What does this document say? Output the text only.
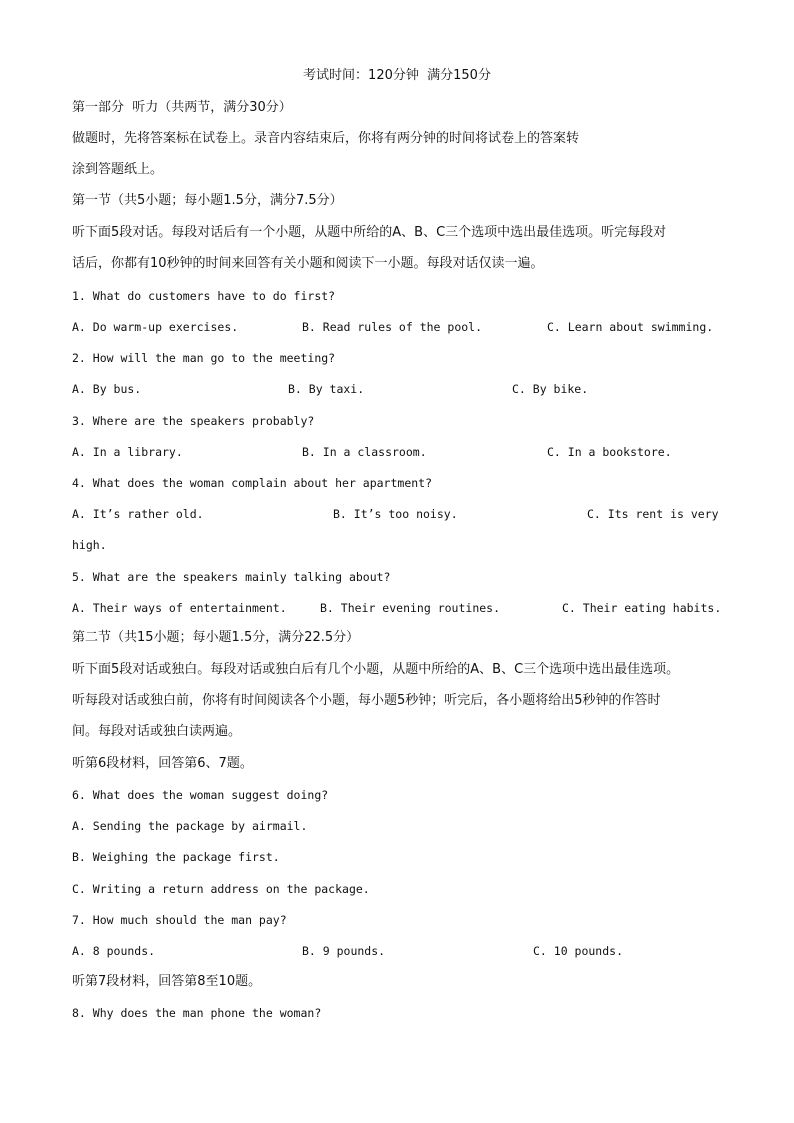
考试时间：120分钟  满分150分
第一部分  听力（共两节，满分30分）
做题时，先将答案标在试卷上。录音内容结束后，你将有两分钟的时间将试卷上的答案转
涂到答题纸上。
第一节（共5小题；每小题1.5分，满分7.5分）
听下面5段对话。每段对话后有一个小题，从题中所给的A、B、C三个选项中选出最佳选项。听完每段对
话后，你都有10秒钟的时间来回答有关小题和阅读下一小题。每段对话仅读一遍。
1. What do customers have to do first?
A. Do warm-up exercises.	B. Read rules of the pool.	C. Learn about swimming.
2. How will the man go to the meeting?
A. By bus.	B. By taxi.	C. By bike.
3. Where are the speakers probably?
A. In a library.	B. In a classroom.	C. In a bookstore.
4. What does the woman complain about her apartment?
A. It’s rather old.	B. It’s too noisy.	C. Its rent is very
high.
5. What are the speakers mainly talking about?
A. Their ways of entertainment.	B. Their evening routines.	C. Their eating habits.
第二节（共15小题；每小题1.5分，满分22.5分）
听下面5段对话或独白。每段对话或独白后有几个小题，从题中所给的A、B、C三个选项中选出最佳选项。
听每段对话或独白前，你将有时间阅读各个小题，每小题5秒钟；听完后，各小题将给出5秒钟的作答时
间。每段对话或独白读两遍。
听第6段材料，回答第6、7题。
6. What does the woman suggest doing?
A. Sending the package by airmail.
B. Weighing the package first.
C. Writing a return address on the package.
7. How much should the man pay?
A. 8 pounds.	B. 9 pounds.	C. 10 pounds.
听第7段材料，回答第8至10题。
8. Why does the man phone the woman?
